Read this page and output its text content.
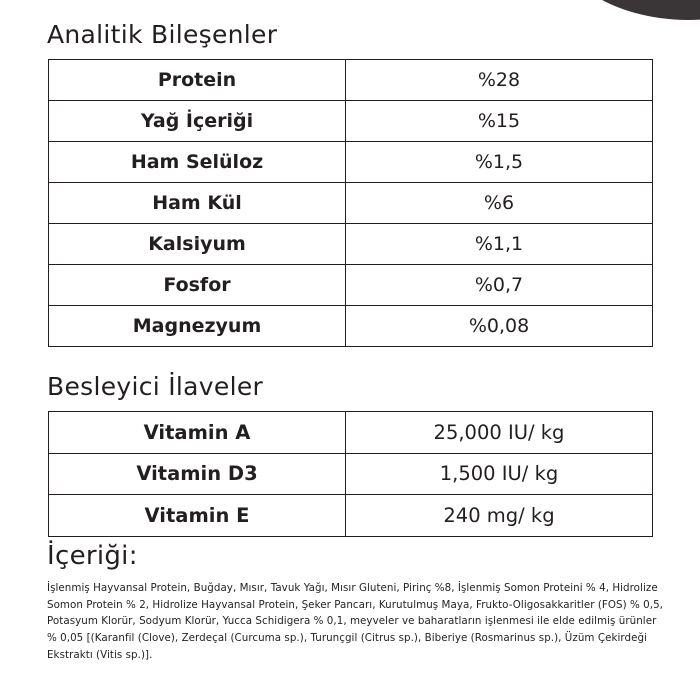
Analitik Bileşenler
Protein	%28
Yağ İçeriği	%15
Ham Selüloz	%1,5
Ham Kül	%6
Kalsiyum	%1,1
Fosfor	%0,7
Magnezyum	%0,08
Besleyici İlaveler
Vitamin A	25,000 IU/ kg
Vitamin D3	1,500 IU/ kg
Vitamin E	240 mg/ kg
İçeriği:

İşlenmiş Hayvansal Protein, Buğday, Mısır, Tavuk Yağı, Mısır Gluteni, Pirinç %8, İşlenmiş Somon Proteini % 4, Hidrolize Somon Protein % 2, Hidrolize Hayvansal Protein, Şeker Pancarı, Kurutulmuş Maya, Frukto-Oligosakkaritler (FOS) % 0,5, Potasyum Klorür, Sodyum Klorür, Yucca Schidigera % 0,1, meyveler ve baharatların işlenmesi ile elde edilmiş ürünler % 0,05 [(Karanfil (Clove), Zerdeçal (Curcuma sp.), Turunçgil (Citrus sp.), Biberiye (Rosmarinus sp.), Üzüm Çekirdeği Ekstraktı (Vitis sp.)].
